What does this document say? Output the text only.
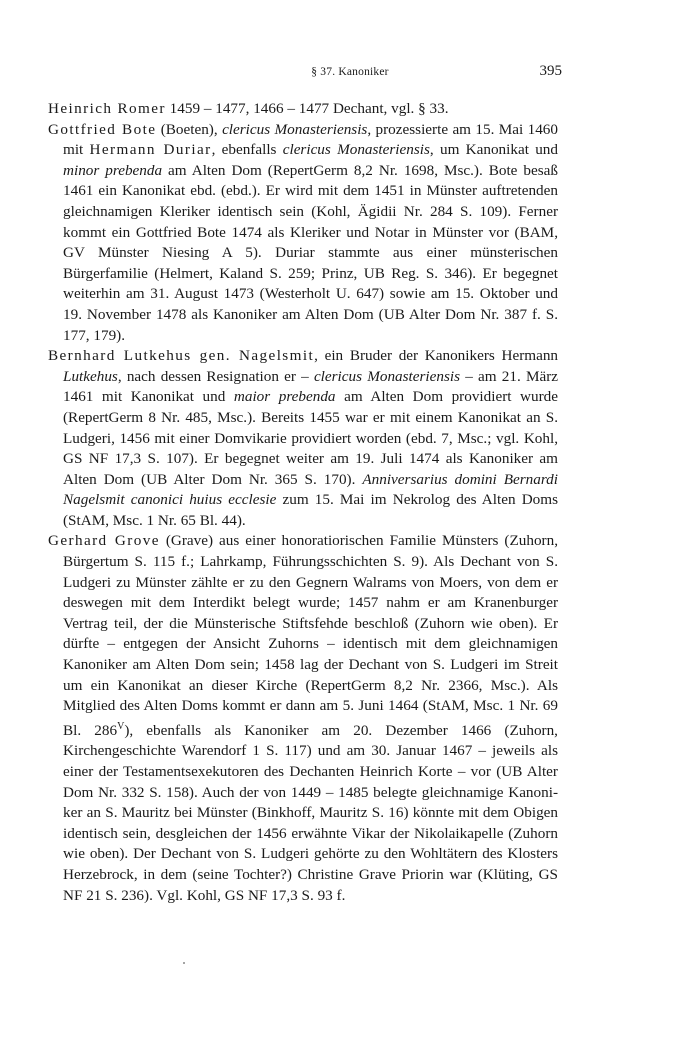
§ 37. Kanoniker	395
Heinrich Romer 1459 – 1477, 1466 – 1477 Dechant, vgl. § 33.
Gottfried Bote (Boeten), clericus Monasteriensis, prozessierte am 15. Mai 1460 mit Hermann Duriar, ebenfalls clericus Monasteriensis, um Kanonikat und minor prebenda am Alten Dom (RepertGerm 8,2 Nr. 1698, Msc.). Bote besaß 1461 ein Kanonikat ebd. (ebd.). Er wird mit dem 1451 in Münster auftretenden gleichnamigen Kleriker identisch sein (Kohl, Ägidii Nr. 284 S. 109). Ferner kommt ein Gottfried Bote 1474 als Kleriker und Notar in Münster vor (BAM, GV Münster Niesing A 5). Duriar stammte aus einer münsterischen Bürgerfamilie (Helmert, Kaland S. 259; Prinz, UB Reg. S. 346). Er begegnet weiterhin am 31. August 1473 (Westerholt U. 647) sowie am 15. Oktober und 19. November 1478 als Kanoniker am Alten Dom (UB Alter Dom Nr. 387 f. S. 177, 179).
Bernhard Lutkehus gen. Nagelsmit, ein Bruder der Kanonikers Hermann Lutkehus, nach dessen Resignation er – clericus Monasteriensis – am 21. März 1461 mit Kanonikat und maior prebenda am Alten Dom providiert wurde (RepertGerm 8 Nr. 485, Msc.). Bereits 1455 war er mit einem Kanonikat an S. Ludgeri, 1456 mit einer Domvikarie providiert worden (ebd. 7, Msc.; vgl. Kohl, GS NF 17,3 S. 107). Er begegnet weiter am 19. Juli 1474 als Kanoniker am Alten Dom (UB Alter Dom Nr. 365 S. 170). Anniversarius domini Bernardi Nagelsmit canonici huius ecclesie zum 15. Mai im Nekrolog des Alten Doms (StAM, Msc. 1 Nr. 65 Bl. 44).
Gerhard Grove (Grave) aus einer honoratiorischen Familie Münsters (Zuhorn, Bürgertum S. 115 f.; Lahrkamp, Führungsschichten S. 9). Als Dechant von S. Ludgeri zu Münster zählte er zu den Gegnern Walrams von Moers, von dem er deswegen mit dem Interdikt belegt wurde; 1457 nahm er am Kranenburger Vertrag teil, der die Münsterische Stiftsfehde beschloß (Zuhorn wie oben). Er dürfte – entgegen der Ansicht Zuhorns – identisch mit dem gleichnamigen Kanoniker am Alten Dom sein; 1458 lag der Dechant von S. Ludgeri im Streit um ein Kanonikat an dieser Kirche (RepertGerm 8,2 Nr. 2366, Msc.). Als Mitglied des Alten Doms kommt er dann am 5. Juni 1464 (StAM, Msc. 1 Nr. 69 Bl. $286^V$), ebenfalls als Kanoniker am 20. Dezember 1466 (Zuhorn, Kirchengeschichte Warendorf 1 S. 117) und am 30. Januar 1467 – jeweils als einer der Testamentsexekutoren des Dechanten Heinrich Korte – vor (UB Alter Dom Nr. 332 S. 158). Auch der von 1449 – 1485 belegte gleichnamige Kanoniker an S. Mauritz bei Münster (Binkhoff, Mauritz S. 16) könnte mit dem Obigen identisch sein, desgleichen der 1456 erwähnte Vikar der Nikolaikapelle (Zuhorn wie oben). Der Dechant von S. Ludgeri gehörte zu den Wohltätern des Klosters Herzebrock, in dem (seine Tochter?) Christine Grave Priorin war (Klüting, GS NF 21 S. 236). Vgl. Kohl, GS NF 17,3 S. 93 f.
